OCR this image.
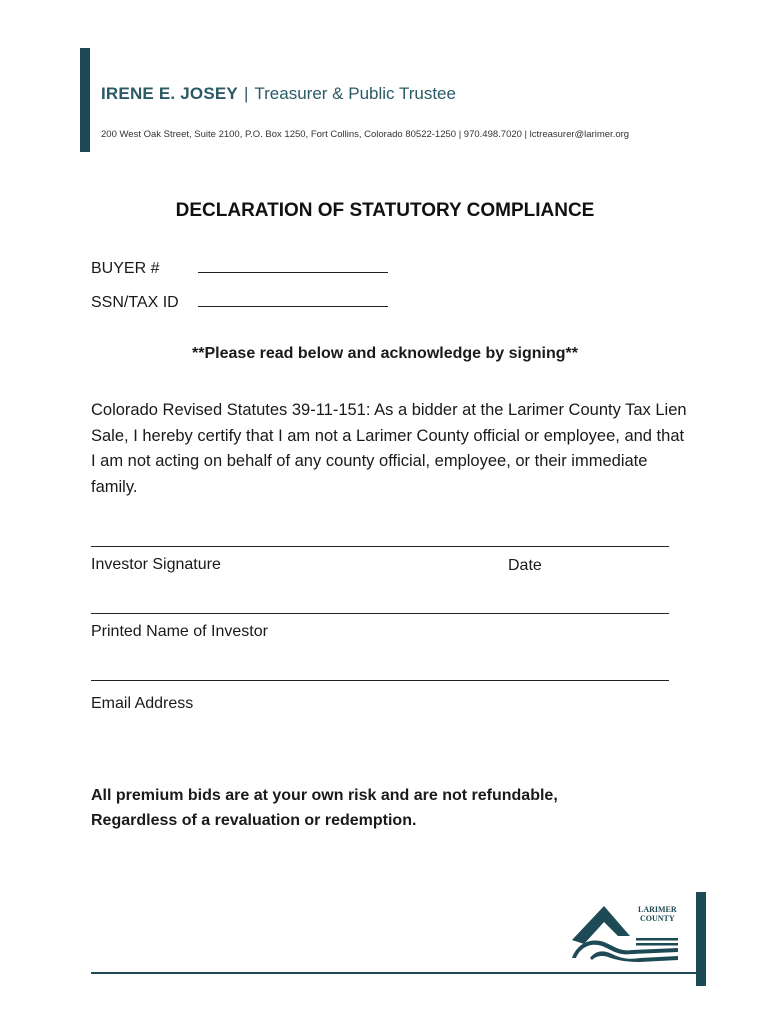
IRENE E. JOSEY | Treasurer & Public Trustee
200 West Oak Street, Suite 2100, P.O. Box 1250, Fort Collins, Colorado 80522-1250 | 970.498.7020 | lctreasurer@larimer.org
DECLARATION OF STATUTORY COMPLIANCE
BUYER #
SSN/TAX ID
**Please read below and acknowledge by signing**
Colorado Revised Statutes 39-11-151: As a bidder at the Larimer County Tax Lien Sale, I hereby certify that I am not a Larimer County official or employee, and that I am not acting on behalf of any county official, employee, or their immediate family.
Investor Signature	Date
Printed Name of Investor
Email Address
All premium bids are at your own risk and are not refundable,
Regardless of a revaluation or redemption.
LARIMER
COUNTY
